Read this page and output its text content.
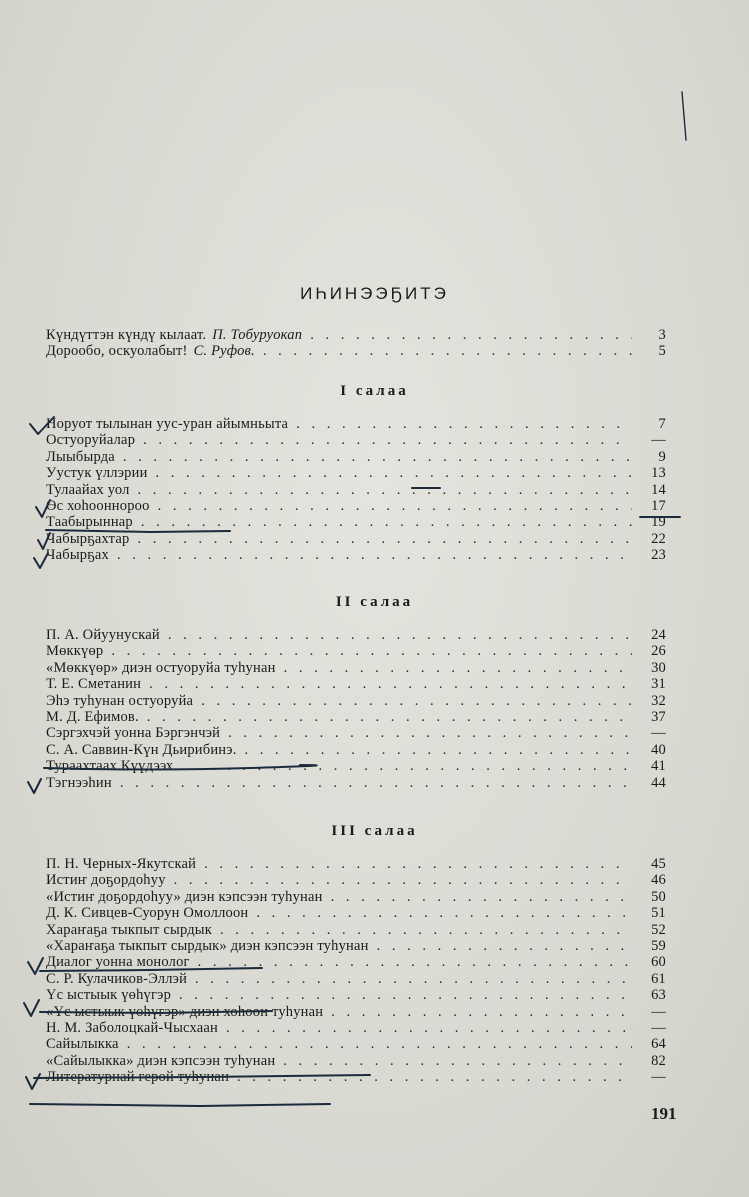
ИҺИНЭЭҔИТЭ
Күндүттэн күндү кылаат. П. Тобуруокап . . .	3
Дорообо, оскуолабыт! С. Руфов. . . .	5
I салаа
Норуот тылынан уус-уран айымньыта . . .	7
Остуоруйалар . . .	—
Лыыбырда . . .	9
Уустук үллэрии . . .	13
Тулаайах уол . . .	14
Өс хоһооннороо . . .	17
Таабырыннар . . .	19
Чабырҕахтар . . .	22
Чабырҕах . . .	23
II салаа
П. А. Ойуунускай . . .	24
Мөккүөр . . .	26
«Мөккүөр» диэн остуоруйа туһунан . . .	30
Т. Е. Сметанин . . .	31
Эһэ туһунан остуоруйа . . .	32
М. Д. Ефимов. . . .	37
Сэргэхчэй уонна Бэргэнчэй . . .	—
С. А. Саввин-Күн Дьирибинэ. . . .	40
Тураахтаах Күүдээх . . .	41
Тэгнээһин . . .	44
III салаа
П. Н. Черных-Якутскай . . .	45
Истиҥ доҕордоһуу . . .	46
«Истиҥ доҕордоһуу» диэн кэпсээн туһунан . . .	50
Д. К. Сивцев-Суорун Омоллоон . . .	51
Хараҥаҕа тыкпыт сырдык . . .	52
«Хараҥаҕа тыкпыт сырдык» диэн кэпсээн туһунан . . .	59
Диалог уонна монолог . . .	60
С. Р. Кулачиков-Эллэй . . .	61
Үс ыстыык үөһүгэр . . .	63
«Үс ыстыык үөһүгэр» диэн хоһоон туһунан . . .	—
Н. М. Заболоцкай-Чысхаан . . .	—
Сайылыкка . . .	64
«Сайылыкка» диэн кэпсээн туһунан . . .	82
Литературнай герой туһунан . . .	—
191
